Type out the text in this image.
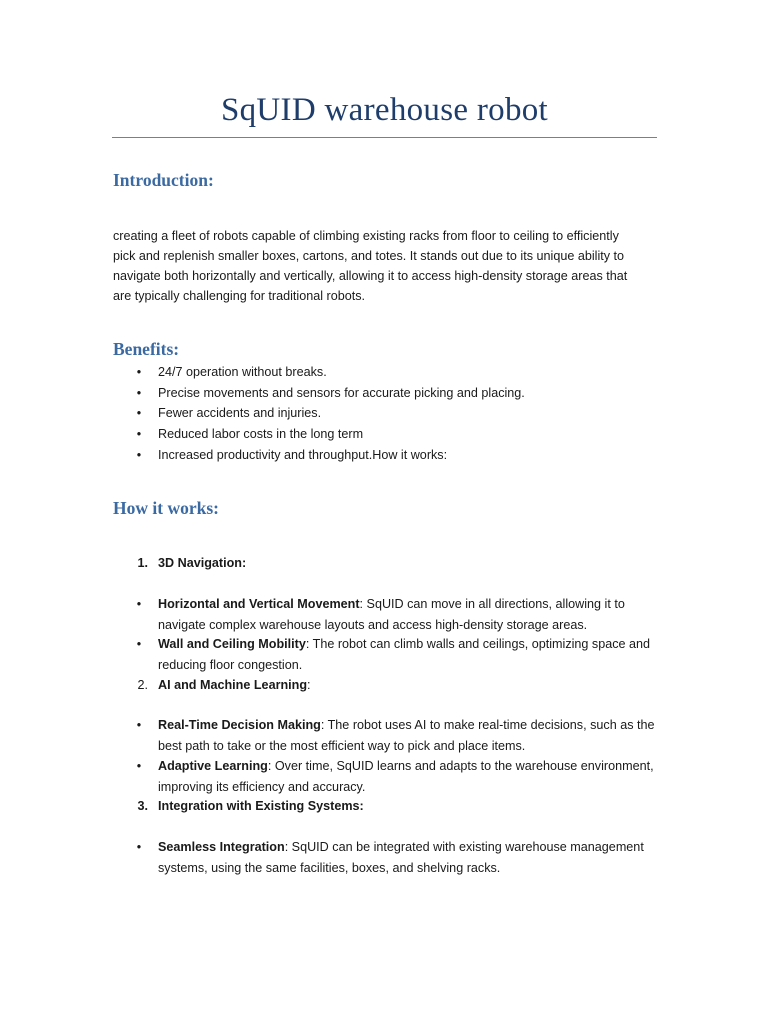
SqUID warehouse robot
Introduction:

creating a fleet of robots capable of climbing existing racks from floor to ceiling to efficiently pick and replenish smaller boxes, cartons, and totes. It stands out due to its unique ability to navigate both horizontally and vertically, allowing it to access high-density storage areas that are typically challenging for traditional robots.

Benefits:
•	24/7 operation without breaks.
•	Precise movements and sensors for accurate picking and placing.
•	Fewer accidents and injuries.
•	Reduced labor costs in the long term
•	Increased productivity and throughput.How it works:
How it works:
1. 3D Navigation:
•	Horizontal and Vertical Movement: SqUID can move in all directions, allowing it to navigate complex warehouse layouts and access high-density storage areas.
•	Wall and Ceiling Mobility: The robot can climb walls and ceilings, optimizing space and reducing floor congestion.
2. AI and Machine Learning:
•	Real-Time Decision Making: The robot uses AI to make real-time decisions, such as the best path to take or the most efficient way to pick and place items.
•	Adaptive Learning: Over time, SqUID learns and adapts to the warehouse environment, improving its efficiency and accuracy.
3. Integration with Existing Systems:
•	Seamless Integration: SqUID can be integrated with existing warehouse management systems, using the same facilities, boxes, and shelving racks.
